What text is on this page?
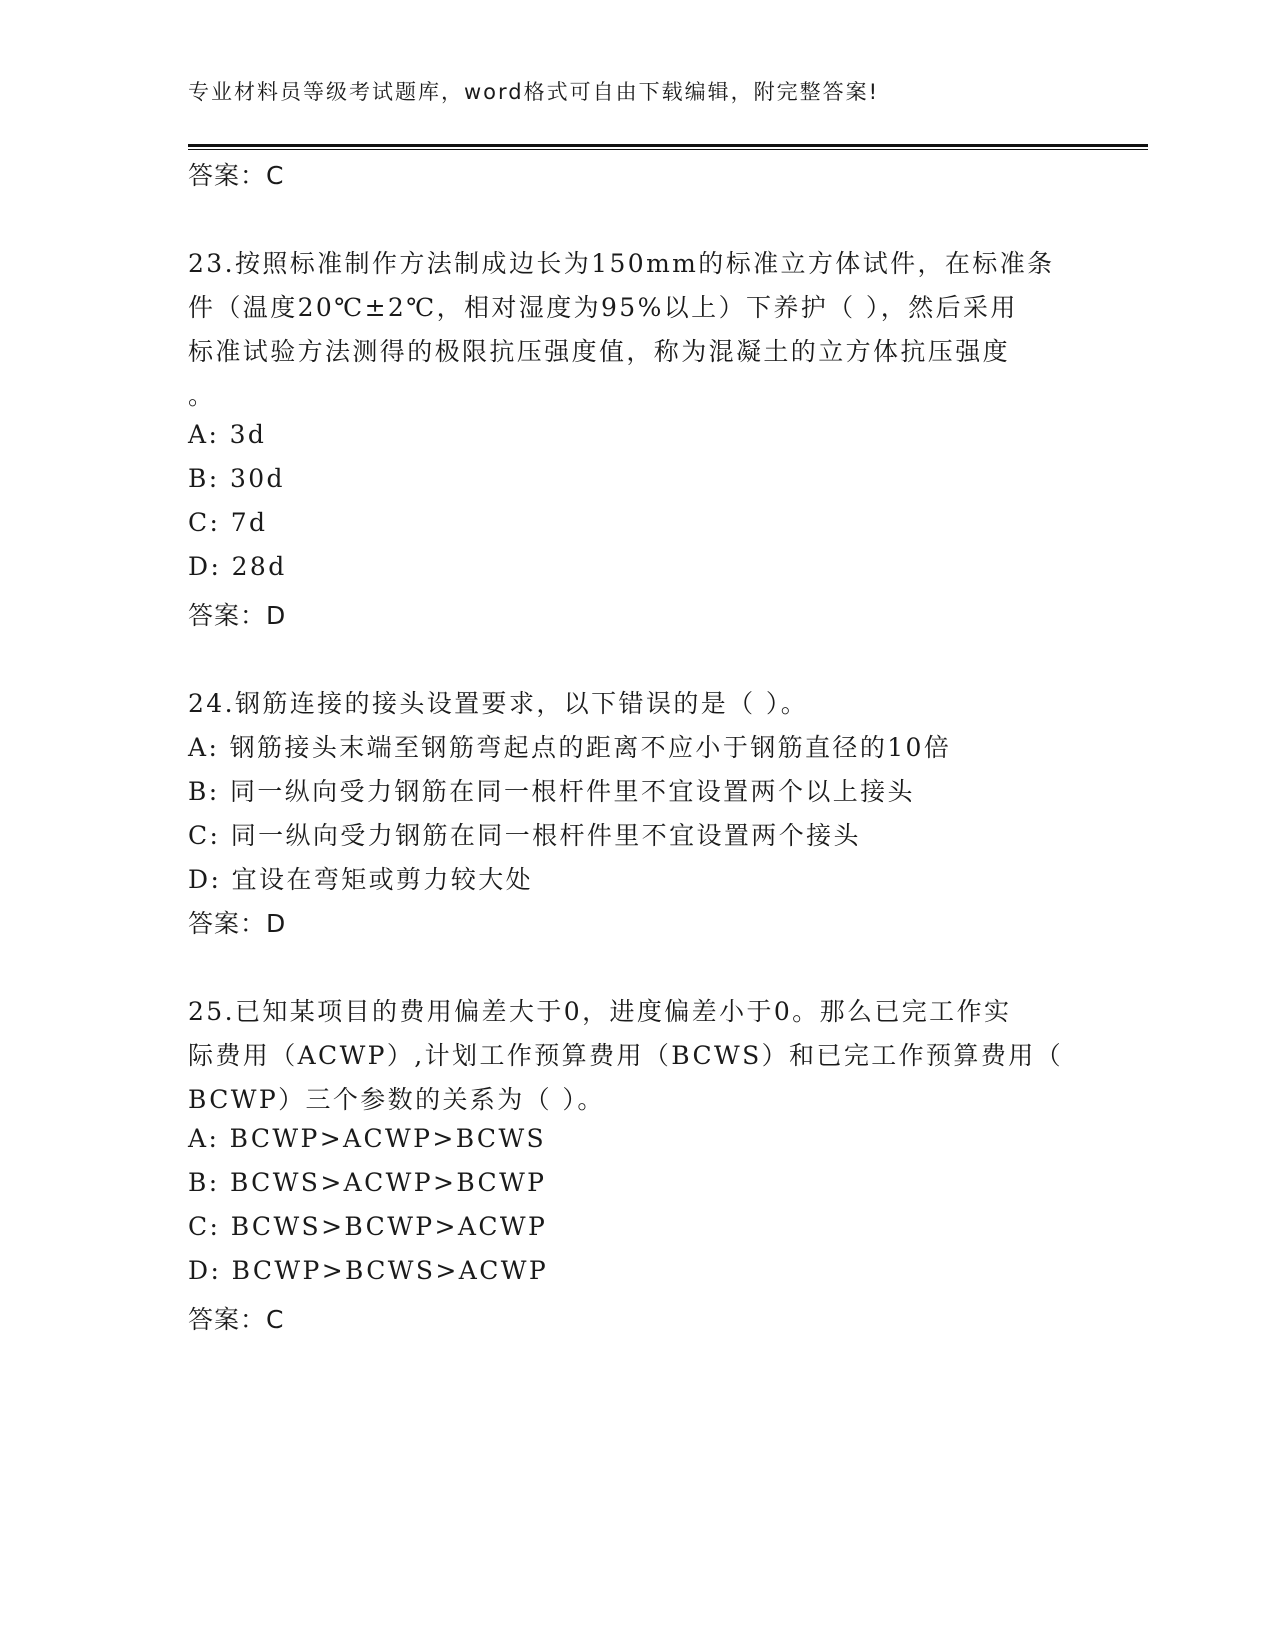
专业材料员等级考试题库，word格式可自由下载编辑，附完整答案!
答案：C
23.按照标准制作方法制成边长为150mm的标准立方体试件，在标准条
件（温度20℃±2℃，相对湿度为95%以上）下养护（ ），然后采用
标准试验方法测得的极限抗压强度值，称为混凝土的立方体抗压强度
。
A: 3d
B: 30d
C: 7d
D: 28d
答案：D
24.钢筋连接的接头设置要求，以下错误的是（ ）。
A: 钢筋接头末端至钢筋弯起点的距离不应小于钢筋直径的10倍
B: 同一纵向受力钢筋在同一根杆件里不宜设置两个以上接头
C: 同一纵向受力钢筋在同一根杆件里不宜设置两个接头
D: 宜设在弯矩或剪力较大处
答案：D
25.已知某项目的费用偏差大于0，进度偏差小于0。那么已完工作实
际费用（ACWP）,计划工作预算费用（BCWS）和已完工作预算费用（
BCWP）三个参数的关系为（ ）。
A: BCWP>ACWP>BCWS
B: BCWS>ACWP>BCWP
C: BCWS>BCWP>ACWP
D: BCWP>BCWS>ACWP
答案：C
